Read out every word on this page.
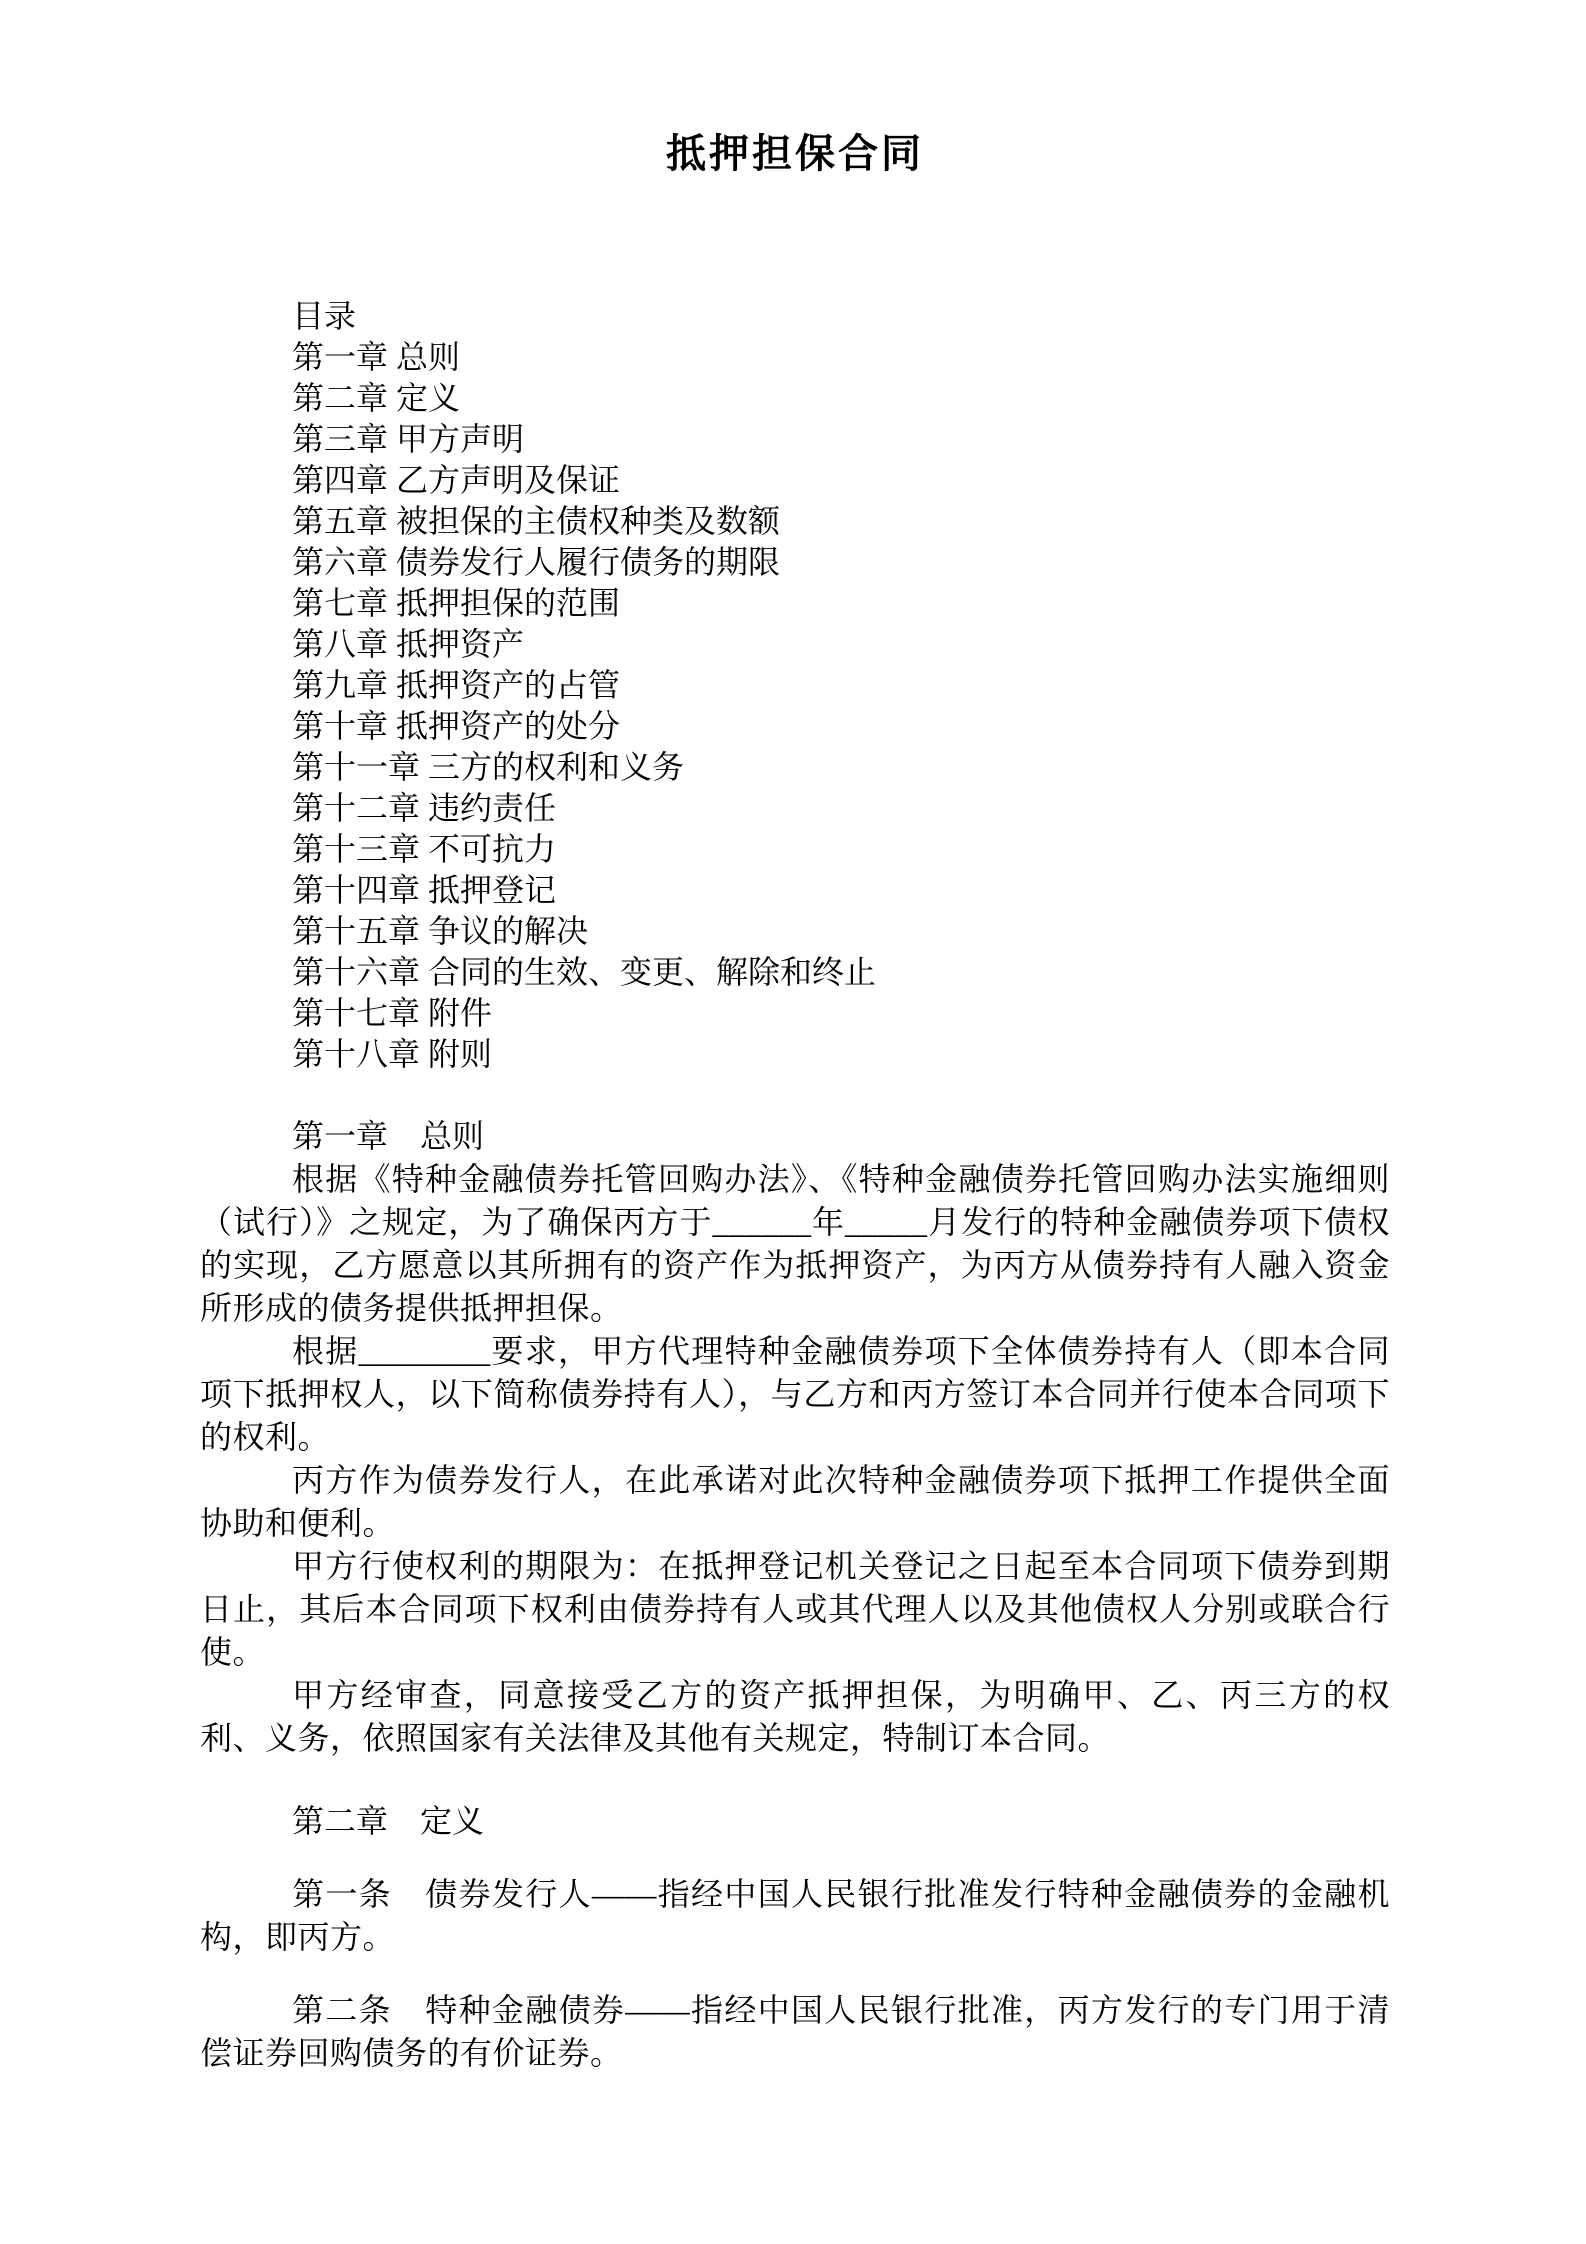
抵押担保合同

目录

第一章 总则

第二章 定义

第三章 甲方声明

第四章 乙方声明及保证

第五章 被担保的主债权种类及数额

第六章 债券发行人履行债务的期限

第七章 抵押担保的范围

第八章 抵押资产

第九章 抵押资产的占管

第十章 抵押资产的处分

第十一章 三方的权利和义务

第十二章 违约责任

第十三章 不可抗力

第十四章 抵押登记

第十五章 争议的解决

第十六章 合同的生效、变更、解除和终止

第十七章 附件

第十八章 附则

第一章　总则

根据《特种金融债券托管回购办法》、《特种金融债券托管回购办法实施细则（试行）》之规定，为了确保丙方于______年_____月发行的特种金融债券项下债权的实现，乙方愿意以其所拥有的资产作为抵押资产，为丙方从债券持有人融入资金所形成的债务提供抵押担保。

根据________要求，甲方代理特种金融债券项下全体债券持有人（即本合同项下抵押权人，以下简称债券持有人），与乙方和丙方签订本合同并行使本合同项下的权利。

丙方作为债券发行人，在此承诺对此次特种金融债券项下抵押工作提供全面协助和便利。

甲方行使权利的期限为：在抵押登记机关登记之日起至本合同项下债券到期日止，其后本合同项下权利由债券持有人或其代理人以及其他债权人分别或联合行使。

甲方经审查，同意接受乙方的资产抵押担保，为明确甲、乙、丙三方的权利、义务，依照国家有关法律及其他有关规定，特制订本合同。

第二章　定义

第一条　债券发行人——指经中国人民银行批准发行特种金融债券的金融机构，即丙方。

第二条　特种金融债券——指经中国人民银行批准，丙方发行的专门用于清偿证券回购债务的有价证券。
